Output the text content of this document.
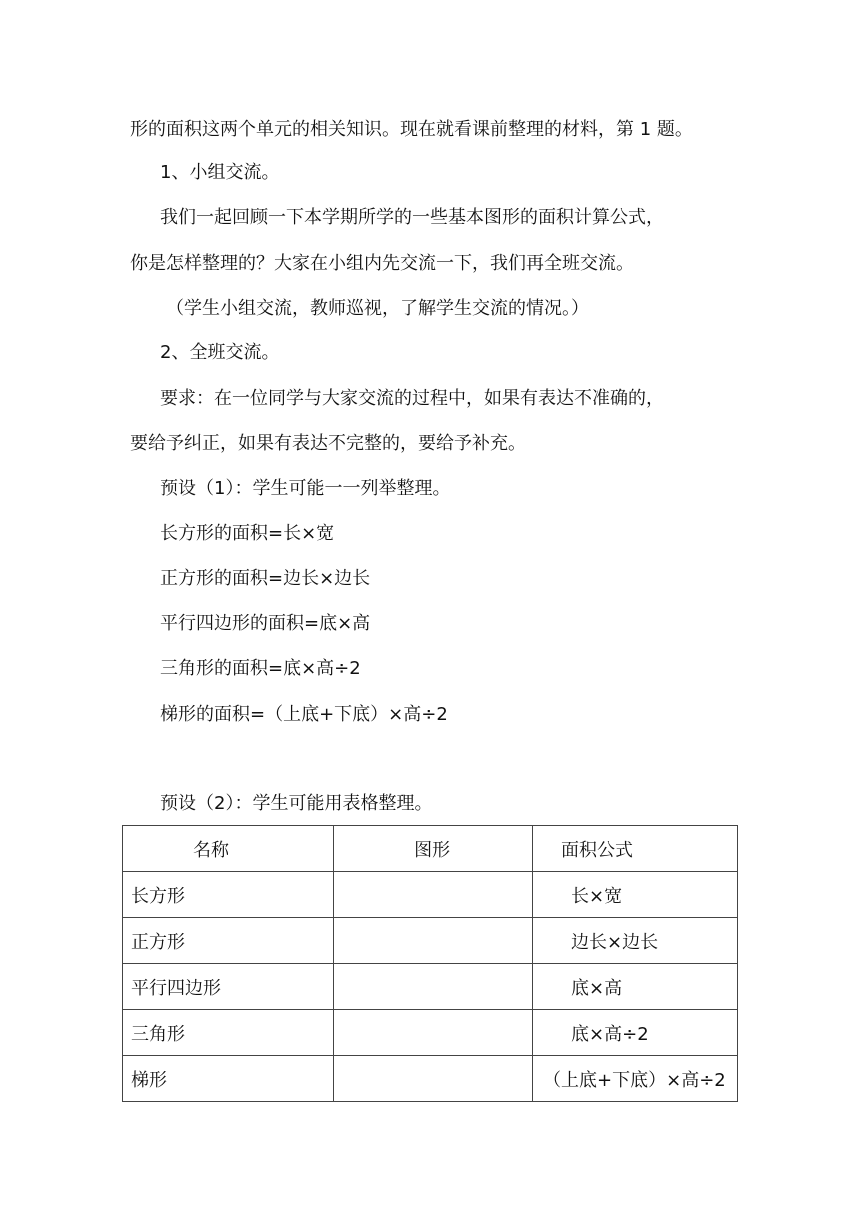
形的面积这两个单元的相关知识。现在就看课前整理的材料，第 1 题。
1、小组交流。
我们一起回顾一下本学期所学的一些基本图形的面积计算公式，
你是怎样整理的？大家在小组内先交流一下，我们再全班交流。
（学生小组交流，教师巡视，了解学生交流的情况。）
2、全班交流。
要求：在一位同学与大家交流的过程中，如果有表达不准确的，
要给予纠正，如果有表达不完整的，要给予补充。
预设（1）：学生可能一一列举整理。
长方形的面积=长×宽
正方形的面积=边长×边长
平行四边形的面积=底×高
三角形的面积=底×高÷2
梯形的面积=（上底+下底）×高÷2
预设（2）：学生可能用表格整理。
名称	图形	面积公式
长方形		长×宽
正方形		边长×边长
平行四边形		底×高
三角形		底×高÷2
梯形		（上底+下底）×高÷2
